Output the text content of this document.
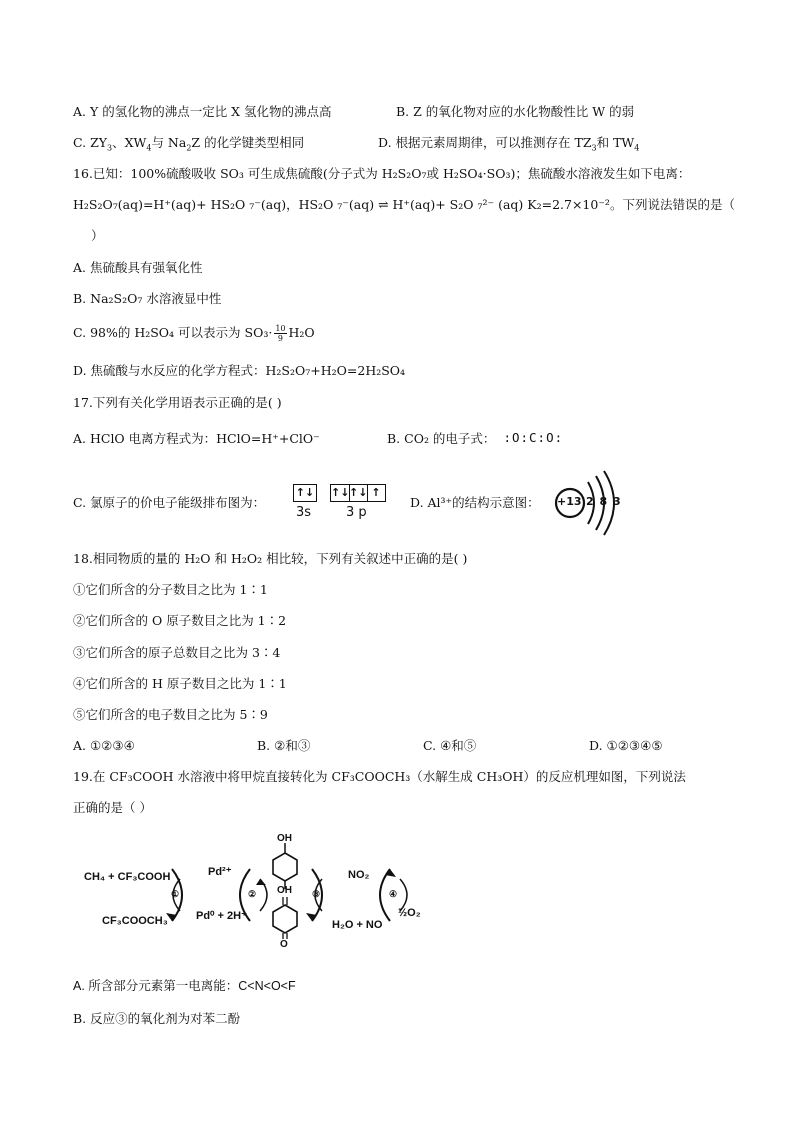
A. Y 的氢化物的沸点一定比 X 氢化物的沸点高	B. Z 的氧化物对应的水化物酸性比 W 的弱
C. $ZY_3$、$XW_4$与 $Na_2Z$ 的化学键类型相同	D. 根据元素周期律，可以推测存在 $TZ_3$和 $TW_4$
16.已知：100%硫酸吸收 SO₃ 可生成焦硫酸(分子式为 H₂S₂O₇或 H₂SO₄·SO₃)；焦硫酸水溶液发生如下电离：
H₂S₂O₇(aq)=H⁺(aq)+ HS₂O ₇⁻(aq)，HS₂O ₇⁻(aq) ⇌ H⁺(aq)+ S₂O ₇²⁻ (aq) K₂=2.7×10⁻²。下列说法错误的是（
）
A. 焦硫酸具有强氧化性
B. Na₂S₂O₇ 水溶液显中性
C. 98%的 H₂SO₄ 可以表示为 $SO_3\cdot \frac{10}{9} H_2O$
D. 焦硫酸与水反应的化学方程式：H₂S₂O₇+H₂O=2H₂SO₄
17.下列有关化学用语表示正确的是( )
A. HClO 电离方程式为：HClO=H⁺+ClO⁻	B. CO₂ 的电子式： :O:C:O:
C. 氯原子的价电子能级排布图为：
↑↓ ↑↓ ↑↓ ↑
3s	3 p
D. Al³⁺的结构示意图： +13 2 8 3
18.相同物质的量的 H₂O 和 H₂O₂ 相比较，下列有关叙述中正确的是( )
①它们所含的分子数目之比为 1∶1
②它们所含的 O 原子数目之比为 1∶2
③它们所含的原子总数目之比为 3∶4
④它们所含的 H 原子数目之比为 1∶1
⑤它们所含的电子数目之比为 5∶9
A. ①②③④	B. ②和③	C. ④和⑤	D. ①②③④⑤
19.在 CF₃COOH 水溶液中将甲烷直接转化为 CF₃COOCH₃（水解生成 CH₃OH）的反应机理如图，下列说法
正确的是（ ）
CH₄ + CF₃COOH
CF₃COOCH₃
Pd²⁺
Pd⁰ + 2H⁺
NO₂
H₂O + NO
½O₂
①	②	③	④
OH
OH
O
A. 所含部分元素第一电离能：C<N<O<F
B. 反应③的氧化剂为对苯二酚
